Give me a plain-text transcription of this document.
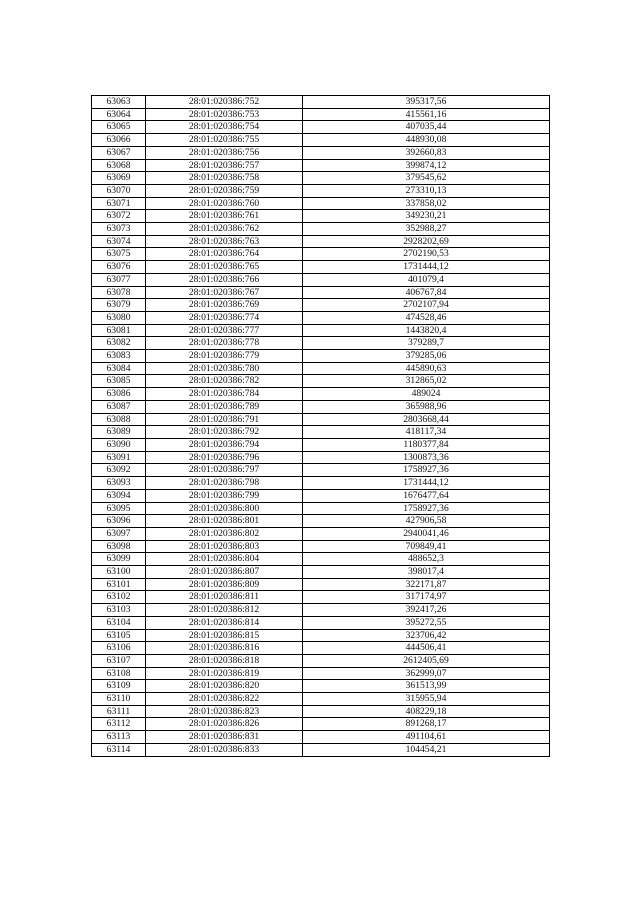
63063	28:01:020386:752	395317,56
63064	28:01:020386:753	415561,16
63065	28:01:020386:754	407035,44
63066	28:01:020386:755	448930,08
63067	28:01:020386:756	392660,83
63068	28:01:020386:757	399874,12
63069	28:01:020386:758	379545,62
63070	28:01:020386:759	273310,13
63071	28:01:020386:760	337858,02
63072	28:01:020386:761	349230,21
63073	28:01:020386:762	352988,27
63074	28:01:020386:763	2928202,69
63075	28:01:020386:764	2702190,53
63076	28:01:020386:765	1731444,12
63077	28:01:020386:766	401079,4
63078	28:01:020386:767	406767,84
63079	28:01:020386:769	2702107,94
63080	28:01:020386:774	474528,46
63081	28:01:020386:777	1443820,4
63082	28:01:020386:778	379289,7
63083	28:01:020386:779	379285,06
63084	28:01:020386:780	445890,63
63085	28:01:020386:782	312865,02
63086	28:01:020386:784	489024
63087	28:01:020386:789	365988,96
63088	28:01:020386:791	2803668,44
63089	28:01:020386:792	418117,34
63090	28:01:020386:794	1180377,84
63091	28:01:020386:796	1300873,36
63092	28:01:020386:797	1758927,36
63093	28:01:020386:798	1731444,12
63094	28:01:020386:799	1676477,64
63095	28:01:020386:800	1758927,36
63096	28:01:020386:801	427906,58
63097	28:01:020386:802	2940041,46
63098	28:01:020386:803	709849,41
63099	28:01:020386:804	488652,3
63100	28:01:020386:807	398017,4
63101	28:01:020386:809	322171,87
63102	28:01:020386:811	317174,97
63103	28:01:020386:812	392417,26
63104	28:01:020386:814	395272,55
63105	28:01:020386:815	323706,42
63106	28:01:020386:816	444506,41
63107	28:01:020386:818	2612405,69
63108	28:01:020386:819	362999,07
63109	28:01:020386:820	361513,99
63110	28:01:020386:822	315955,94
63111	28:01:020386:823	408229,18
63112	28:01:020386:826	891268,17
63113	28:01:020386:831	491104,61
63114	28:01:020386:833	104454,21
